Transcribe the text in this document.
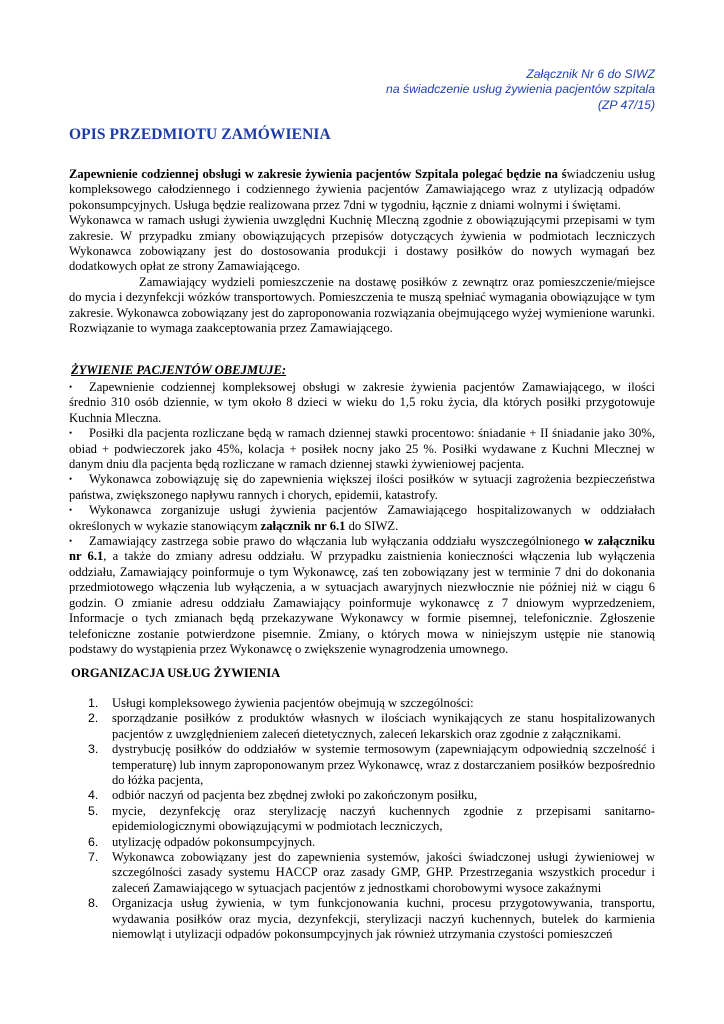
Załącznik Nr 6 do SIWZ
na świadczenie usług żywienia pacjentów szpitala
(ZP 47/15)
OPIS PRZEDMIOTU ZAMÓWIENIA

Zapewnienie codziennej obsługi w zakresie żywienia pacjentów Szpitala polegać będzie na świadczeniu usług kompleksowego całodziennego i codziennego żywienia pacjentów Zamawiającego wraz z utylizacją odpadów pokonsumpcyjnych. Usługa będzie realizowana przez 7dni w tygodniu, łącznie z dniami wolnymi i świętami.

Wykonawca w ramach usługi żywienia uwzględni Kuchnię Mleczną zgodnie z obowiązującymi przepisami w tym zakresie. W przypadku zmiany obowiązujących przepisów dotyczących żywienia w podmiotach leczniczych Wykonawca zobowiązany jest do dostosowania produkcji i dostawy posiłków do nowych wymagań bez dodatkowych opłat ze strony Zamawiającego.

Zamawiający wydzieli pomieszczenie na dostawę posiłków z zewnątrz oraz pomieszczenie/miejsce do mycia i dezynfekcji wózków transportowych. Pomieszczenia te muszą spełniać wymagania obowiązujące w tym zakresie. Wykonawca zobowiązany jest do zaproponowania rozwiązania obejmującego wyżej wymienione warunki. Rozwiązanie to wymaga zaakceptowania przez Zamawiającego.

ŻYWIENIE PACJENTÓW OBEJMUJE:
• Zapewnienie codziennej kompleksowej obsługi w zakresie żywienia pacjentów Zamawiającego, w ilości średnio 310 osób dziennie, w tym około 8 dzieci w wieku do 1,5 roku życia, dla których posiłki przygotowuje Kuchnia Mleczna.
• Posiłki dla pacjenta rozliczane będą w ramach dziennej stawki procentowo: śniadanie + II śniadanie jako 30%, obiad + podwieczorek jako 45%, kolacja + posiłek nocny jako 25 %. Posiłki wydawane z Kuchni Mlecznej w danym dniu dla pacjenta będą rozliczane w ramach dziennej stawki żywieniowej pacjenta.
• Wykonawca zobowiązuję się do zapewnienia większej ilości posiłków w sytuacji zagrożenia bezpieczeństwa państwa, zwiększonego napływu rannych i chorych, epidemii, katastrofy.
• Wykonawca zorganizuje usługi żywienia pacjentów Zamawiającego hospitalizowanych w oddziałach określonych w wykazie stanowiącym załącznik nr 6.1 do SIWZ.
• Zamawiający zastrzega sobie prawo do włączania lub wyłączania oddziału wyszczególnionego w załączniku nr 6.1, a także do zmiany adresu oddziału. W przypadku zaistnienia konieczności włączenia lub wyłączenia oddziału, Zamawiający poinformuje o tym Wykonawcę, zaś ten zobowiązany jest w terminie 7 dni do dokonania przedmiotowego włączenia lub wyłączenia, a w sytuacjach awaryjnych niezwłocznie nie później niż w ciągu 6 godzin. O zmianie adresu oddziału Zamawiający poinformuje wykonawcę z 7 dniowym wyprzedzeniem, Informacje o tych zmianach będą przekazywane Wykonawcy w formie pisemnej, telefonicznie. Zgłoszenie telefoniczne zostanie potwierdzone pisemnie. Zmiany, o których mowa w niniejszym ustępie nie stanowią podstawy do wystąpienia przez Wykonawcę o zwiększenie wynagrodzenia umownego.
ORGANIZACJA USŁUG ŻYWIENIA
1. Usługi kompleksowego żywienia pacjentów obejmują w szczególności:
2. sporządzanie posiłków z produktów własnych w ilościach wynikających ze stanu hospitalizowanych pacjentów z uwzględnieniem zaleceń dietetycznych, zaleceń lekarskich oraz zgodnie z załącznikami.
3. dystrybucję posiłków do oddziałów w systemie termosowym (zapewniającym odpowiednią szczelność i temperaturę) lub innym zaproponowanym przez Wykonawcę, wraz z dostarczaniem posiłków bezpośrednio do łóżka pacjenta,
4. odbiór naczyń od pacjenta bez zbędnej zwłoki po zakończonym posiłku,
5. mycie, dezynfekcję oraz sterylizację naczyń kuchennych zgodnie z przepisami sanitarno-epidemiologicznymi obowiązującymi w podmiotach leczniczych,
6. utylizację odpadów pokonsumpcyjnych.
7. Wykonawca zobowiązany jest do zapewnienia systemów, jakości świadczonej usługi żywieniowej w szczególności zasady systemu HACCP oraz zasady GMP, GHP. Przestrzegania wszystkich procedur i zaleceń Zamawiającego w sytuacjach pacjentów z jednostkami chorobowymi wysoce zakaźnymi
8. Organizacja usług żywienia, w tym funkcjonowania kuchni, procesu przygotowywania, transportu, wydawania posiłków oraz mycia, dezynfekcji, sterylizacji naczyń kuchennych, butelek do karmienia niemowląt i utylizacji odpadów pokonsumpcyjnych jak również utrzymania czystości pomieszczeń
